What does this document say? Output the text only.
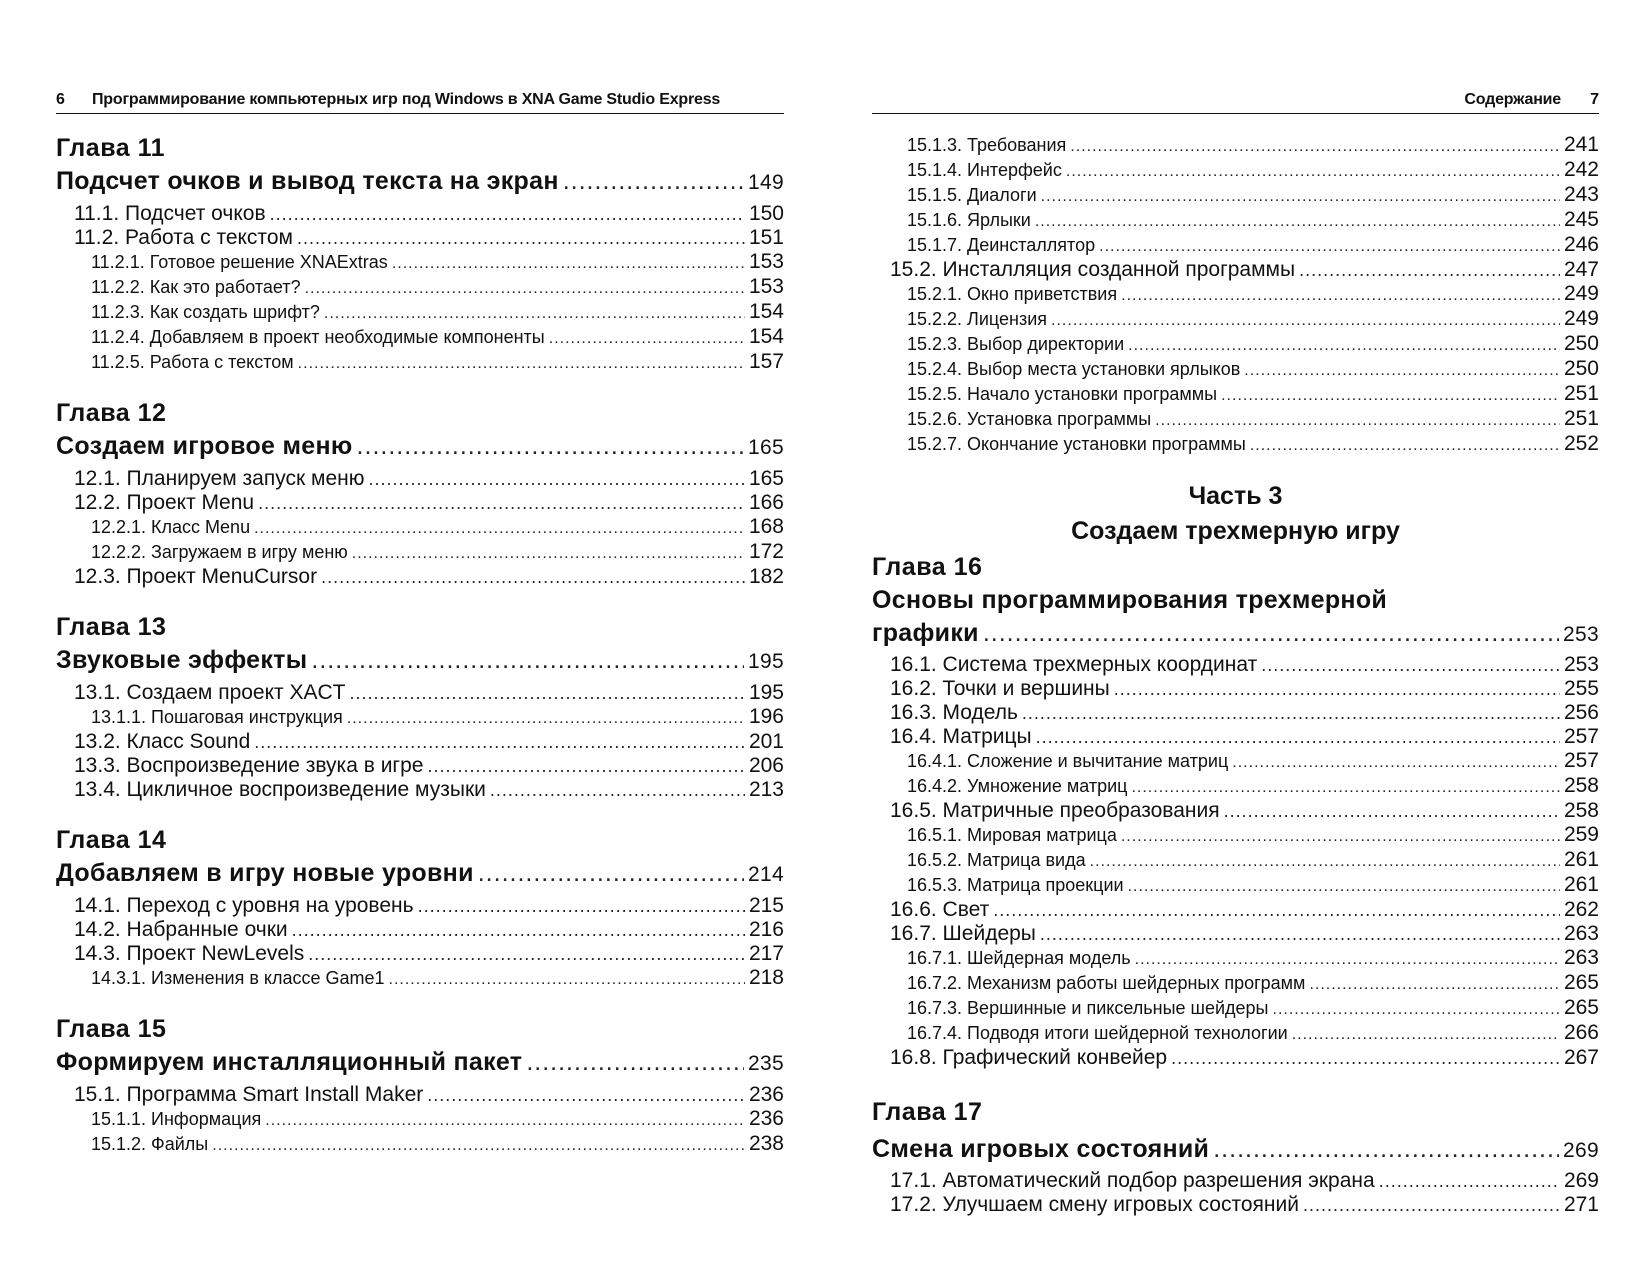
6 Программирование компьютерных игр под Windows в XNA Game Studio Express	Содержание 7
Глава 11
Подсчет очков и вывод текста на экран .....	149
11.1. Подсчет очков .....	150
11.2. Работа с текстом .....	151
11.2.1. Готовое решение XNAExtras .....	153
11.2.2. Как это работает? .....	153
11.2.3. Как создать шрифт? .....	154
11.2.4. Добавляем в проект необходимые компоненты .....	154
11.2.5. Работа с текстом .....	157
Глава 12
Создаем игровое меню .....	165
12.1. Планируем запуск меню .....	165
12.2. Проект Menu .....	166
12.2.1. Класс Menu .....	168
12.2.2. Загружаем в игру меню .....	172
12.3. Проект MenuCursor .....	182
Глава 13
Звуковые эффекты .....	195
13.1. Создаем проект XACT .....	195
13.1.1. Пошаговая инструкция .....	196
13.2. Класс Sound .....	201
13.3. Воспроизведение звука в игре .....	206
13.4. Цикличное воспроизведение музыки .....	213
Глава 14
Добавляем в игру новые уровни .....	214
14.1. Переход с уровня на уровень .....	215
14.2. Набранные очки .....	216
14.3. Проект NewLevels .....	217
14.3.1. Изменения в классе Game1 .....	218
Глава 15
Формируем инсталляционный пакет .....	235
15.1. Программа Smart Install Maker .....	236
15.1.1. Информация .....	236
15.1.2. Файлы .....	238
15.1.3. Требования .....	241
15.1.4. Интерфейс .....	242
15.1.5. Диалоги .....	243
15.1.6. Ярлыки .....	245
15.1.7. Деинсталлятор .....	246
15.2. Инсталляция созданной программы .....	247
15.2.1. Окно приветствия .....	249
15.2.2. Лицензия .....	249
15.2.3. Выбор директории .....	250
15.2.4. Выбор места установки ярлыков .....	250
15.2.5. Начало установки программы .....	251
15.2.6. Установка программы .....	251
15.2.7. Окончание установки программы .....	252
Часть 3
Создаем трехмерную игру
Глава 16
Основы программирования трехмерной
графики .....	253
16.1. Система трехмерных координат .....	253
16.2. Точки и вершины .....	255
16.3. Модель .....	256
16.4. Матрицы .....	257
16.4.1. Сложение и вычитание матриц .....	257
16.4.2. Умножение матриц .....	258
16.5. Матричные преобразования .....	258
16.5.1. Мировая матрица .....	259
16.5.2. Матрица вида .....	261
16.5.3. Матрица проекции .....	261
16.6. Свет .....	262
16.7. Шейдеры .....	263
16.7.1. Шейдерная модель .....	263
16.7.2. Механизм работы шейдерных программ .....	265
16.7.3. Вершинные и пиксельные шейдеры .....	265
16.7.4. Подводя итоги шейдерной технологии .....	266
16.8. Графический конвейер .....	267
Глава 17
Смена игровых состояний .....	269
17.1. Автоматический подбор разрешения экрана .....	269
17.2. Улучшаем смену игровых состояний .....	271
